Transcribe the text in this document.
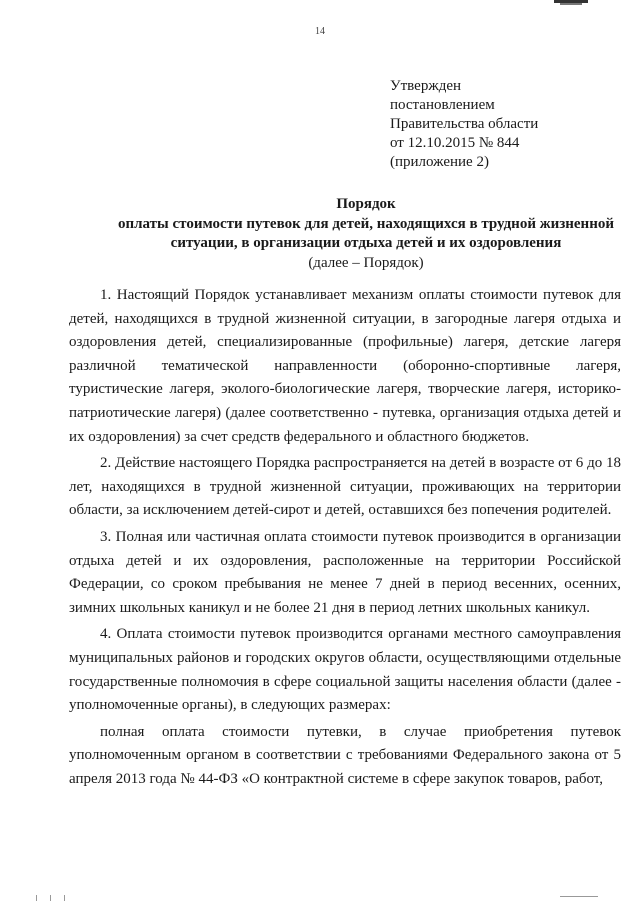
14
Утвержден
постановлением
Правительства области
от 12.10.2015 № 844
(приложение 2)
Порядок
оплаты стоимости путевок для детей, находящихся в трудной жизненной
ситуации, в организации отдыха детей и их оздоровления
(далее – Порядок)

1. Настоящий Порядок устанавливает механизм оплаты стоимости путевок для детей, находящихся в трудной жизненной ситуации, в загородные лагеря отдыха и оздоровления детей, специализированные (профильные) лагеря, детские лагеря различной тематической направленности (оборонно-спортивные лагеря, туристические лагеря, эколого-биологические лагеря, творческие лагеря, историко-патриотические лагеря) (далее соответственно - путевка, организация отдыха детей и их оздоровления) за счет средств федерального и областного бюджетов.

2. Действие настоящего Порядка распространяется на детей в возрасте от 6 до 18 лет, находящихся в трудной жизненной ситуации, проживающих на территории области, за исключением детей-сирот и детей, оставшихся без попечения родителей.

3. Полная или частичная оплата стоимости путевок производится в организации отдыха детей и их оздоровления, расположенные на территории Российской Федерации, со сроком пребывания не менее 7 дней в период весенних, осенних, зимних школьных каникул и не более 21 дня в период летних школьных каникул.

4. Оплата стоимости путевок производится органами местного самоуправления муниципальных районов и городских округов области, осуществляющими отдельные государственные полномочия в сфере социальной защиты населения области (далее - уполномоченные органы), в следующих размерах:

полная оплата стоимости путевки, в случае приобретения путевок уполномоченным органом в соответствии с требованиями Федерального закона от 5 апреля 2013 года № 44-ФЗ «О контрактной системе в сфере закупок товаров, работ,
